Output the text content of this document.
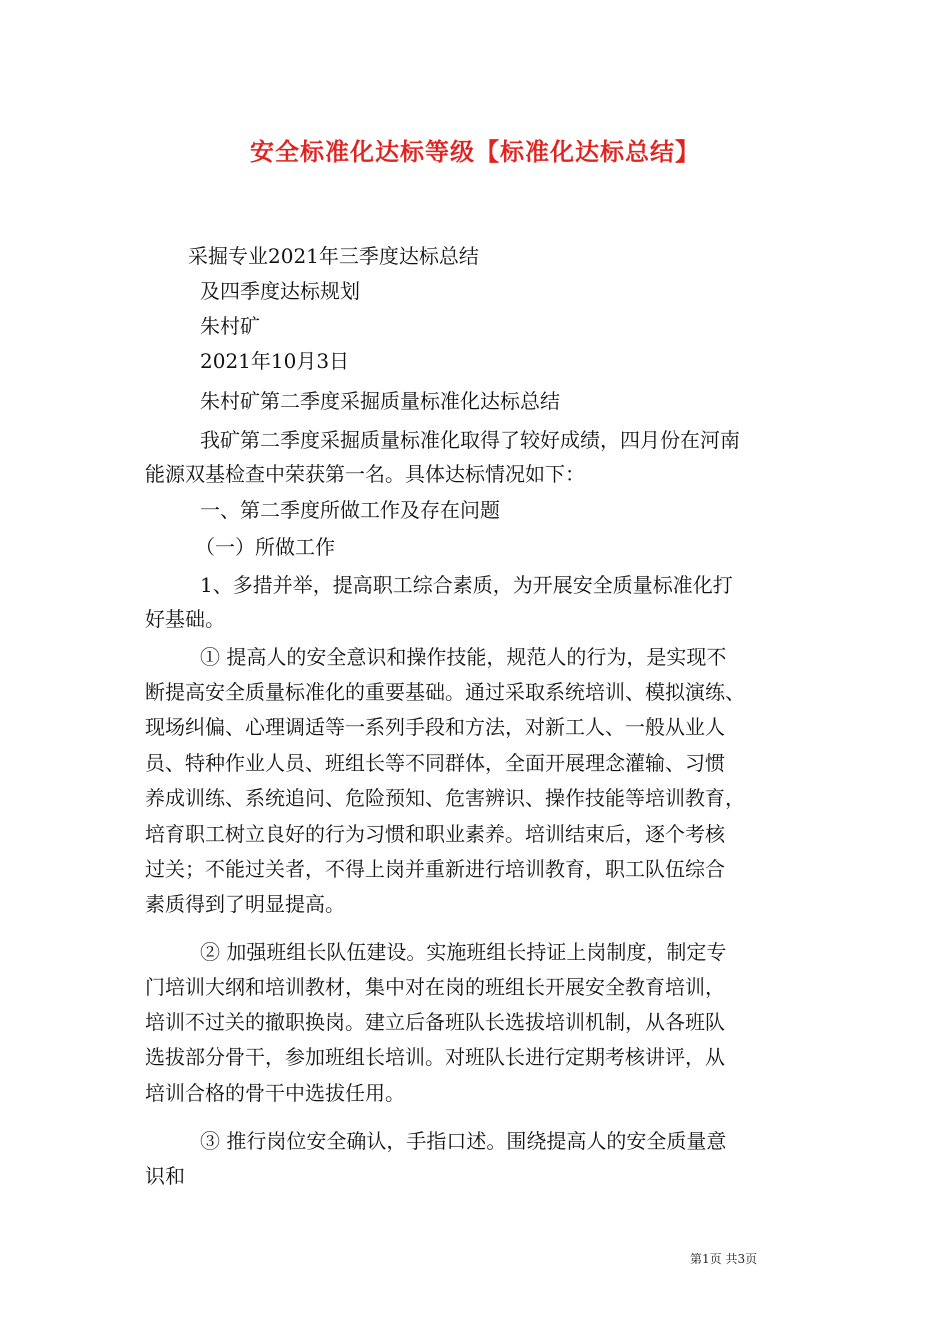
安全标准化达标等级【标准化达标总结】
采掘专业2021年三季度达标总结
及四季度达标规划
朱村矿
2021年10月3日
朱村矿第二季度采掘质量标准化达标总结
我矿第二季度采掘质量标准化取得了较好成绩，四月份在河南
能源双基检查中荣获第一名。具体达标情况如下：
一、第二季度所做工作及存在问题
（一）所做工作
1、多措并举，提高职工综合素质，为开展安全质量标准化打
好基础。
① 提高人的安全意识和操作技能，规范人的行为，是实现不
断提高安全质量标准化的重要基础。通过采取系统培训、模拟演练、
现场纠偏、心理调适等一系列手段和方法，对新工人、一般从业人
员、特种作业人员、班组长等不同群体，全面开展理念灌输、习惯
养成训练、系统追问、危险预知、危害辨识、操作技能等培训教育，
培育职工树立良好的行为习惯和职业素养。培训结束后，逐个考核
过关；不能过关者，不得上岗并重新进行培训教育，职工队伍综合
素质得到了明显提高。
② 加强班组长队伍建设。实施班组长持证上岗制度，制定专
门培训大纲和培训教材，集中对在岗的班组长开展安全教育培训，
培训不过关的撤职换岗。建立后备班队长选拔培训机制，从各班队
选拔部分骨干，参加班组长培训。对班队长进行定期考核讲评，从
培训合格的骨干中选拔任用。
③ 推行岗位安全确认，手指口述。围绕提高人的安全质量意
识和
第1页 共3页
